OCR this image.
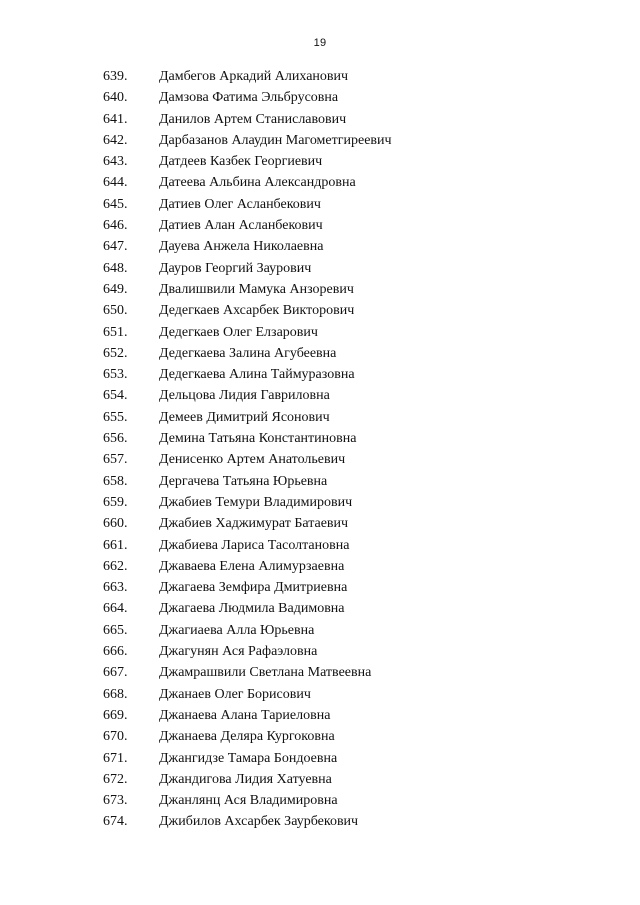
19
639. Дамбегов Аркадий Алиханович
640. Дамзова Фатима Эльбрусовна
641. Данилов Артем Станиславович
642. Дарбазанов Алаудин Магометгиреевич
643. Датдеев Казбек Георгиевич
644. Датеева Альбина Александровна
645. Датиев Олег Асланбекович
646. Датиев Алан Асланбекович
647. Дауева Анжела Николаевна
648. Дауров Георгий Заурович
649. Двалишвили Мамука Анзоревич
650. Дедегкаев Ахсарбек Викторович
651. Дедегкаев Олег Елзарович
652. Дедегкаева Залина Агубеевна
653. Дедегкаева Алина Таймуразовна
654. Дельцова Лидия Гавриловна
655. Демеев Димитрий Ясонович
656. Демина Татьяна Константиновна
657. Денисенко Артем Анатольевич
658. Дергачева Татьяна Юрьевна
659. Джабиев Темури Владимирович
660. Джабиев Хаджимурат Батаевич
661. Джабиева Лариса Тасолтановна
662. Джаваева Елена Алимурзаевна
663. Джагаева Земфира Дмитриевна
664. Джагаева Людмила Вадимовна
665. Джагиаева Алла Юрьевна
666. Джагунян Ася Рафаэловна
667. Джамрашвили Светлана Матвеевна
668. Джанаев Олег Борисович
669. Джанаева Алана Тариеловна
670. Джанаева Деляра Кургоковна
671. Джангидзе Тамара Бондоевна
672. Джандигова Лидия Хатуевна
673. Джанлянц Ася Владимировна
674. Джибилов Ахсарбек Заурбекович
